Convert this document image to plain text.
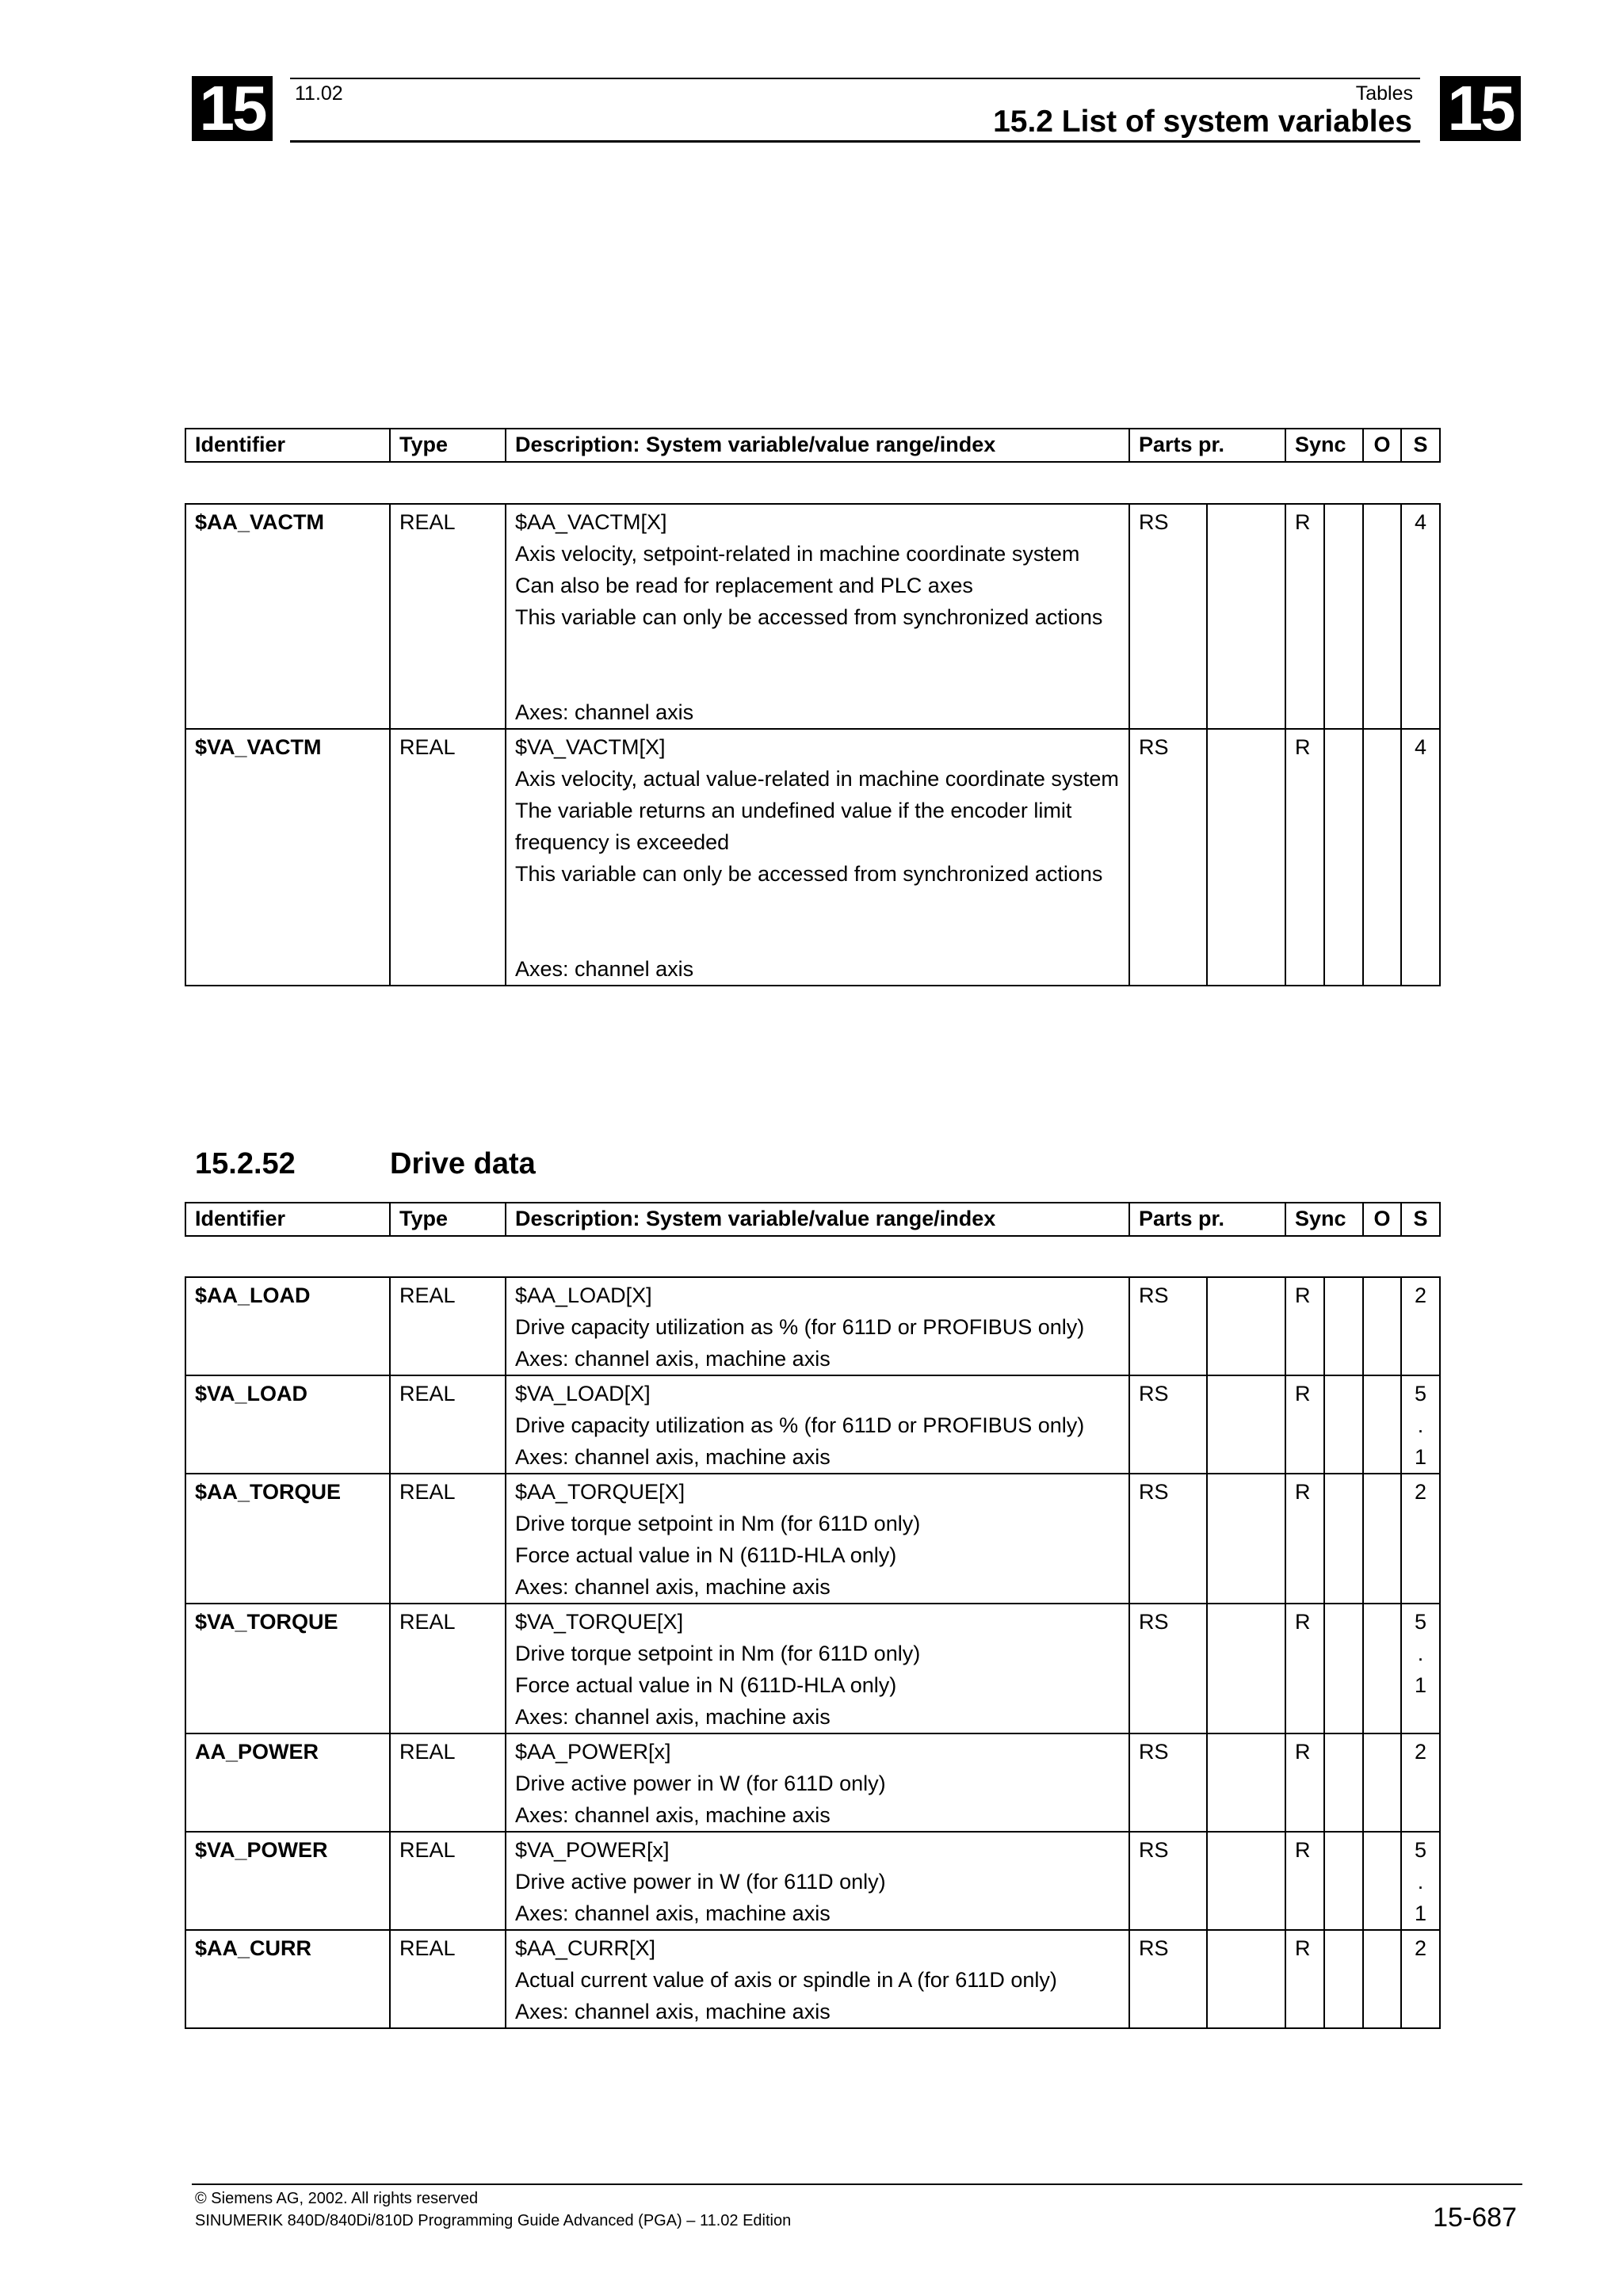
15	15
11.02	Tables
15.2 List of system variables
Identifier	Type	Description: System variable/value range/index	Parts pr.	Sync	O	S
$AA_VACTM	REAL	$AA_VACTM[X]
Axis velocity, setpoint-related in machine coordinate system
Can also be read for replacement and PLC axes
This variable can only be accessed from synchronized actions
Axes: channel axis	RS		R			4

$VA_VACTM	REAL	$VA_VACTM[X]
Axis velocity, actual value-related in machine coordinate system
The variable returns an undefined value if the encoder limit frequency is exceeded
This variable can only be accessed from synchronized actions
Axes: channel axis	RS		R			4
15.2.52	Drive data
Identifier	Type	Description: System variable/value range/index	Parts pr.	Sync	O	S
$AA_LOAD	REAL	$AA_LOAD[X]
Drive capacity utilization as % (for 611D or PROFIBUS only)
Axes: channel axis, machine axis	RS		R			2

$VA_LOAD	REAL	$VA_LOAD[X]
Drive capacity utilization as % (for 611D or PROFIBUS only)
Axes: channel axis, machine axis	RS		R			5
.
1

$AA_TORQUE	REAL	$AA_TORQUE[X]
Drive torque setpoint in Nm (for 611D only)
Force actual value in N (611D-HLA only)
Axes: channel axis, machine axis	RS		R			2

$VA_TORQUE	REAL	$VA_TORQUE[X]
Drive torque setpoint in Nm (for 611D only)
Force actual value in N (611D-HLA only)
Axes: channel axis, machine axis	RS		R			5
.
1

AA_POWER	REAL	$AA_POWER[x]
Drive active power in W (for 611D only)
Axes: channel axis, machine axis	RS		R			2

$VA_POWER	REAL	$VA_POWER[x]
Drive active power in W (for 611D only)
Axes: channel axis, machine axis	RS		R			5
.
1

$AA_CURR	REAL	$AA_CURR[X]
Actual current value of axis or spindle in A (for 611D only)
Axes: channel axis, machine axis	RS		R			2
© Siemens AG, 2002. All rights reserved
SINUMERIK 840D/840Di/810D Programming Guide Advanced (PGA) – 11.02 Edition	15-687
